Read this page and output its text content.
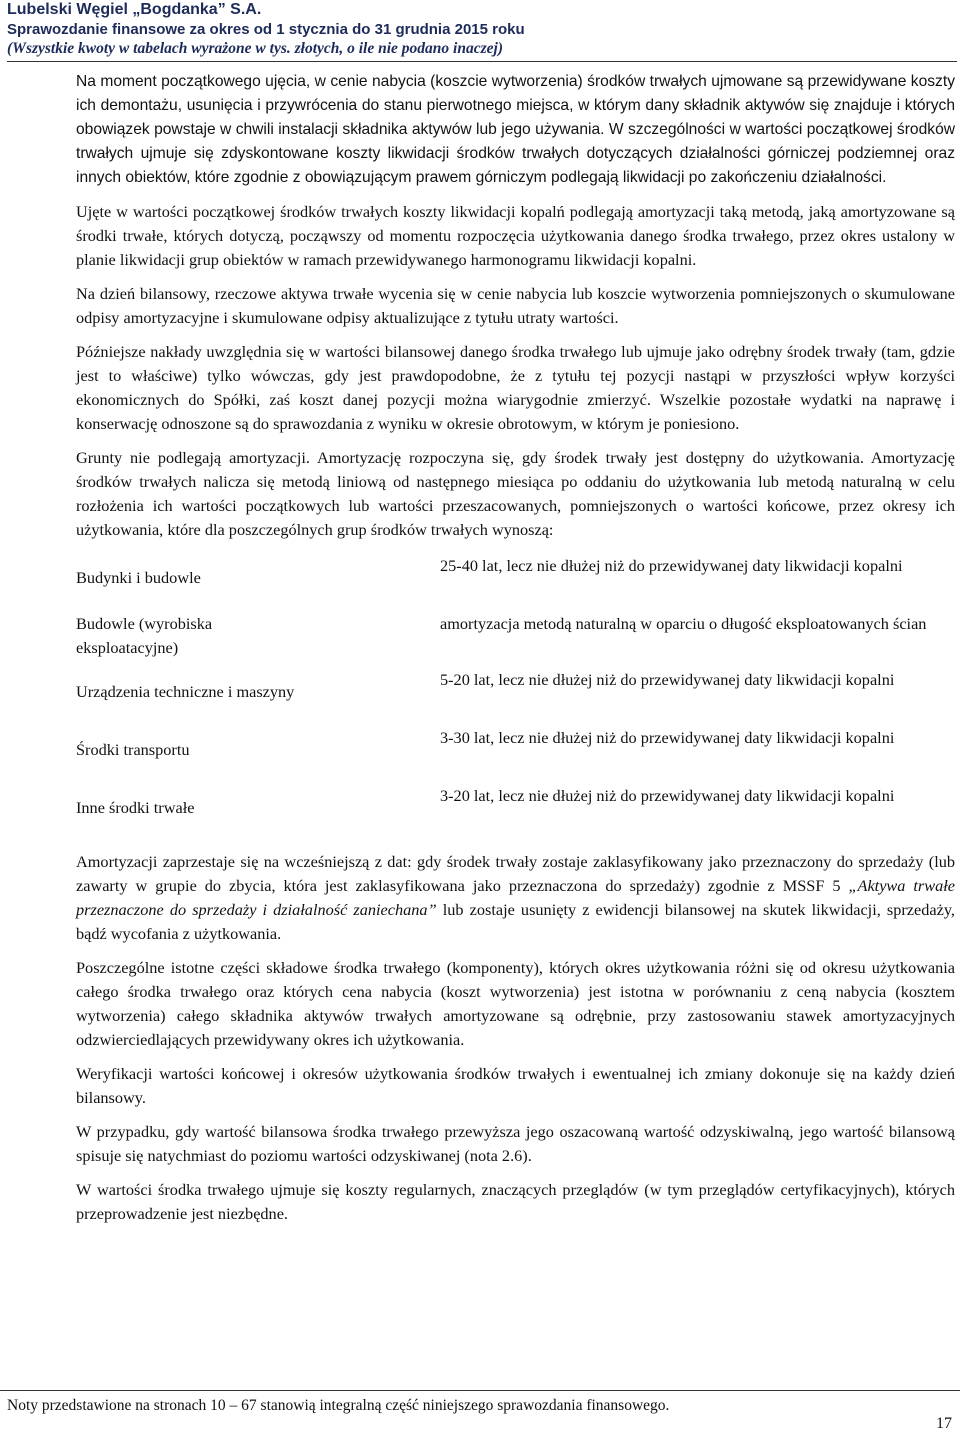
Lubelski Węgiel „Bogdanka” S.A.
Sprawozdanie finansowe za okres od 1 stycznia do 31 grudnia 2015 roku
(Wszystkie kwoty w tabelach wyrażone w tys. złotych, o ile nie podano inaczej)
Na moment początkowego ujęcia, w cenie nabycia (koszcie wytworzenia) środków trwałych ujmowane są przewidywane koszty ich demontażu, usunięcia i przywrócenia do stanu pierwotnego miejsca, w którym dany składnik aktywów się znajduje i których obowiązek powstaje w chwili instalacji składnika aktywów lub jego używania. W szczególności w wartości początkowej środków trwałych ujmuje się zdyskontowane koszty likwidacji środków trwałych dotyczących działalności górniczej podziemnej oraz innych obiektów, które zgodnie z obowiązującym prawem górniczym podlegają likwidacji po zakończeniu działalności.
Ujęte w wartości początkowej środków trwałych koszty likwidacji kopalń podlegają amortyzacji taką metodą, jaką amortyzowane są środki trwałe, których dotyczą, począwszy od momentu rozpoczęcia użytkowania danego środka trwałego, przez okres ustalony w planie likwidacji grup obiektów w ramach przewidywanego harmonogramu likwidacji kopalni.
Na dzień bilansowy, rzeczowe aktywa trwałe wycenia się w cenie nabycia lub koszcie wytworzenia pomniejszonych o skumulowane odpisy amortyzacyjne i skumulowane odpisy aktualizujące z tytułu utraty wartości.
Późniejsze nakłady uwzględnia się w wartości bilansowej danego środka trwałego lub ujmuje jako odrębny środek trwały (tam, gdzie jest to właściwe) tylko wówczas, gdy jest prawdopodobne, że z tytułu tej pozycji nastąpi w przyszłości wpływ korzyści ekonomicznych do Spółki, zaś koszt danej pozycji można wiarygodnie zmierzyć. Wszelkie pozostałe wydatki na naprawę i konserwację odnoszone są do sprawozdania z wyniku w okresie obrotowym, w którym je poniesiono.
Grunty nie podlegają amortyzacji. Amortyzację rozpoczyna się, gdy środek trwały jest dostępny do użytkowania. Amortyzację środków trwałych nalicza się metodą liniową od następnego miesiąca po oddaniu do użytkowania lub metodą naturalną w celu rozłożenia ich wartości początkowych lub wartości przeszacowanych, pomniejszonych o wartości końcowe, przez okresy ich użytkowania, które dla poszczególnych grup środków trwałych wynoszą:
Budynki i budowle
25-40 lat, lecz nie dłużej niż do przewidywanej daty likwidacji kopalni
Budowle (wyrobiska eksploatacyjne)
amortyzacja metodą naturalną w oparciu o długość eksploatowanych ścian
Urządzenia techniczne i maszyny
5-20 lat, lecz nie dłużej niż do przewidywanej daty likwidacji kopalni
Środki transportu
3-30 lat, lecz nie dłużej niż do przewidywanej daty likwidacji kopalni
Inne środki trwałe
3-20 lat, lecz nie dłużej niż do przewidywanej daty likwidacji kopalni
Amortyzacji zaprzestaje się na wcześniejszą z dat: gdy środek trwały zostaje zaklasyfikowany jako przeznaczony do sprzedaży (lub zawarty w grupie do zbycia, która jest zaklasyfikowana jako przeznaczona do sprzedaży) zgodnie z MSSF 5 „Aktywa trwałe przeznaczone do sprzedaży i działalność zaniechana” lub zostaje usunięty z ewidencji bilansowej na skutek likwidacji, sprzedaży, bądź wycofania z użytkowania.
Poszczególne istotne części składowe środka trwałego (komponenty), których okres użytkowania różni się od okresu użytkowania całego środka trwałego oraz których cena nabycia (koszt wytworzenia) jest istotna w porównaniu z ceną nabycia (kosztem wytworzenia) całego składnika aktywów trwałych amortyzowane są odrębnie, przy zastosowaniu stawek amortyzacyjnych odzwierciedlających przewidywany okres ich użytkowania.
Weryfikacji wartości końcowej i okresów użytkowania środków trwałych i ewentualnej ich zmiany dokonuje się na każdy dzień bilansowy.
W przypadku, gdy wartość bilansowa środka trwałego przewyższa jego oszacowaną wartość odzyskiwalną, jego wartość bilansową spisuje się natychmiast do poziomu wartości odzyskiwanej (nota 2.6).
W wartości środka trwałego ujmuje się koszty regularnych, znaczących przeglądów (w tym przeglądów certyfikacyjnych), których przeprowadzenie jest niezbędne.
Noty przedstawione na stronach 10 – 67 stanowią integralną część niniejszego sprawozdania finansowego.
17
